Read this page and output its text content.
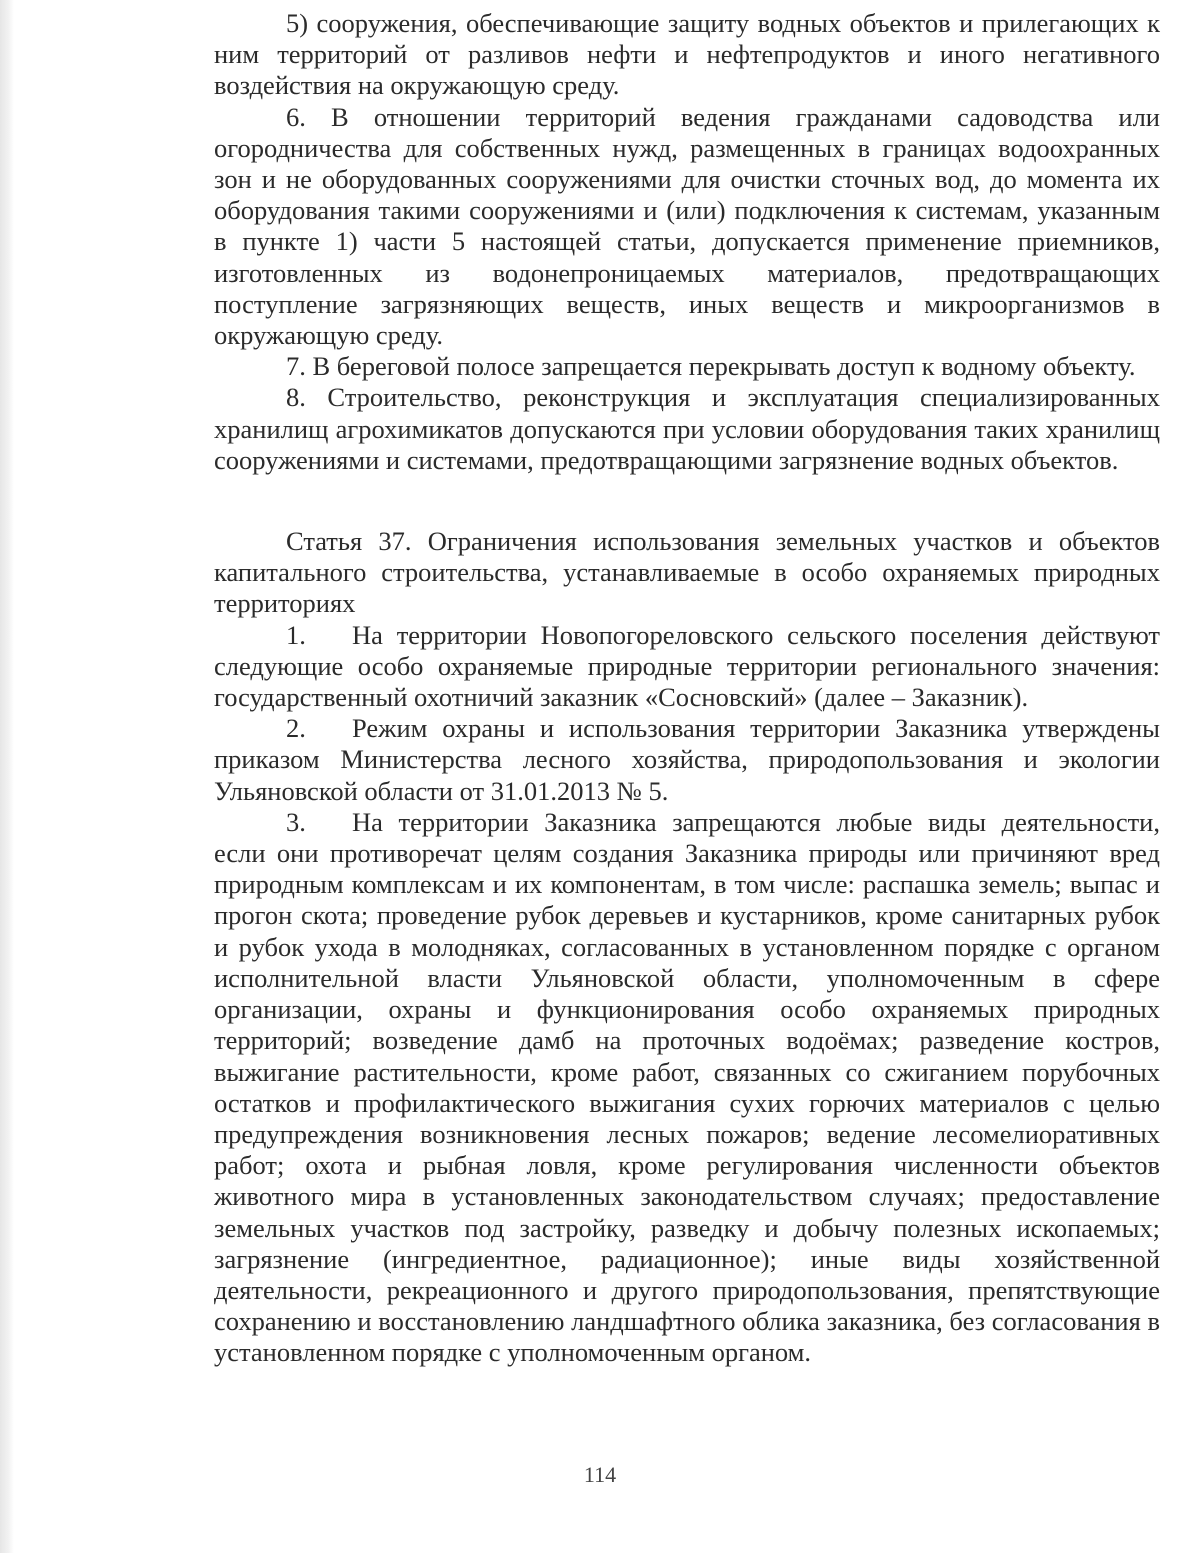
5) сооружения, обеспечивающие защиту водных объектов и прилегающих к ним территорий от разливов нефти и нефтепродуктов и иного негативного воздействия на окружающую среду.

6. В отношении территорий ведения гражданами садоводства или огородничества для собственных нужд, размещенных в границах водоохранных зон и не оборудованных сооружениями для очистки сточных вод, до момента их оборудования такими сооружениями и (или) подключения к системам, указанным в пункте 1) части 5 настоящей статьи, допускается применение приемников, изготовленных из водонепроницаемых материалов, предотвращающих поступление загрязняющих веществ, иных веществ и микроорганизмов в окружающую среду.

7. В береговой полосе запрещается перекрывать доступ к водному объекту.

8. Строительство, реконструкция и эксплуатация специализированных хранилищ агрохимикатов допускаются при условии оборудования таких хранилищ сооружениями и системами, предотвращающими загрязнение водных объектов.

Статья 37. Ограничения использования земельных участков и объектов капитального строительства, устанавливаемые в особо охраняемых природных территориях

1. На территории Новопогореловского сельского поселения действуют следующие особо охраняемые природные территории регионального значения: государственный охотничий заказник «Сосновский» (далее – Заказник).

2. Режим охраны и использования территории Заказника утверждены приказом Министерства лесного хозяйства, природопользования и экологии Ульяновской области от 31.01.2013 № 5.

3. На территории Заказника запрещаются любые виды деятельности, если они противоречат целям создания Заказника природы или причиняют вред природным комплексам и их компонентам, в том числе: распашка земель; выпас и прогон скота; проведение рубок деревьев и кустарников, кроме санитарных рубок и рубок ухода в молодняках, согласованных в установленном порядке с органом исполнительной власти Ульяновской области, уполномоченным в сфере организации, охраны и функционирования особо охраняемых природных территорий; возведение дамб на проточных водоёмах; разведение костров, выжигание растительности, кроме работ, связанных со сжиганием порубочных остатков и профилактического выжигания сухих горючих материалов с целью предупреждения возникновения лесных пожаров; ведение лесомелиоративных работ; охота и рыбная ловля, кроме регулирования численности объектов животного мира в установленных законодательством случаях; предоставление земельных участков под застройку, разведку и добычу полезных ископаемых; загрязнение (ингредиентное, радиационное); иные виды хозяйственной деятельности, рекреационного и другого природопользования, препятствующие сохранению и восстановлению ландшафтного облика заказника, без согласования в установленном порядке с уполномоченным органом.

114
